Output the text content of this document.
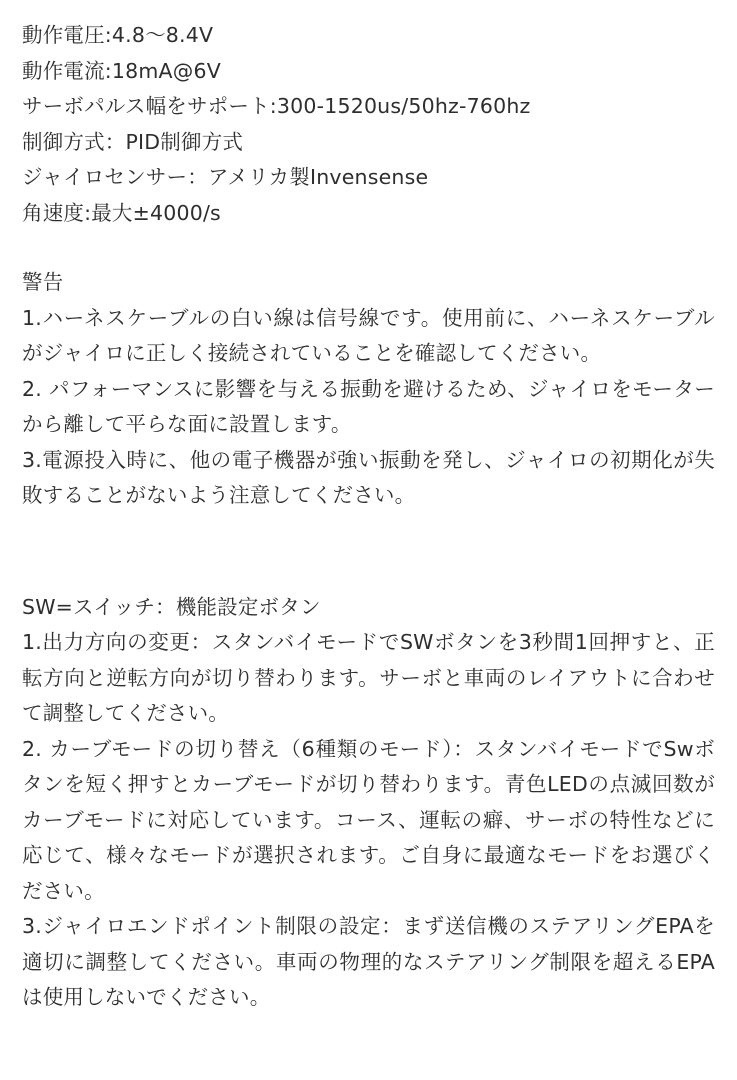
動作電圧:4.8〜8.4V
動作電流:18mA@6V
サーボパルス幅をサポート:300-1520us/50hz-760hz
制御方式：PID制御方式
ジャイロセンサー：アメリカ製Invensense
角速度:最大±4000/s
警告

1.ハーネスケーブルの白い線は信号線です。使用前に、ハーネスケーブルがジャイロに正しく接続されていることを確認してください。

2. パフォーマンスに影響を与える振動を避けるため、ジャイロをモーターから離して平らな面に設置します。

3.電源投入時に、他の電子機器が強い振動を発し、ジャイロの初期化が失敗することがないよう注意してください。

SW=スイッチ：機能設定ボタン

1.出力方向の変更：スタンバイモードでSWボタンを3秒間1回押すと、正転方向と逆転方向が切り替わります。サーボと車両のレイアウトに合わせて調整してください。

2. カーブモードの切り替え（6種類のモード）：スタンバイモードでSwボタンを短く押すとカーブモードが切り替わります。青色LEDの点滅回数がカーブモードに対応しています。コース、運転の癖、サーボの特性などに応じて、様々なモードが選択されます。ご自身に最適なモードをお選びください。

3.ジャイロエンドポイント制限の設定：まず送信機のステアリングEPAを適切に調整してください。車両の物理的なステアリング制限を超えるEPAは使用しないでください。
